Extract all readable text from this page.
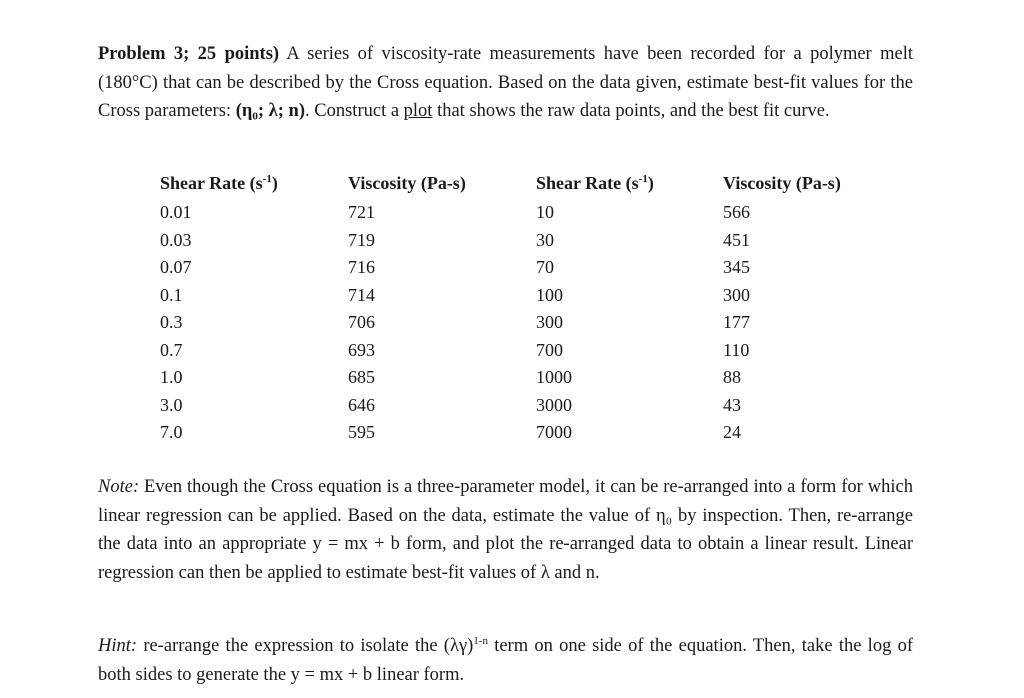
Problem 3; 25 points) A series of viscosity-rate measurements have been recorded for a polymer melt (180°C) that can be described by the Cross equation. Based on the data given, estimate best-fit values for the Cross parameters: (η₀; λ; n). Construct a plot that shows the raw data points, and the best fit curve.

Shear Rate $(s^{-1})$	Viscosity (Pa-s)	Shear Rate $(s^{-1})$	Viscosity (Pa-s)
0.01	721	10	566
0.03	719	30	451
0.07	716	70	345
0.1	714	100	300
0.3	706	300	177
0.7	693	700	110
1.0	685	1000	88
3.0	646	3000	43
7.0	595	7000	24

Note: Even though the Cross equation is a three-parameter model, it can be re-arranged into a form for which linear regression can be applied. Based on the data, estimate the value of η₀ by inspection. Then, re-arrange the data into an appropriate y = mx + b form, and plot the re-arranged data to obtain a linear result. Linear regression can then be applied to estimate best-fit values of λ and n.

Hint: re-arrange the expression to isolate the $(\lambda\gamma)^{1-n}$ term on one side of the equation. Then, take the log of both sides to generate the y = mx + b linear form.
